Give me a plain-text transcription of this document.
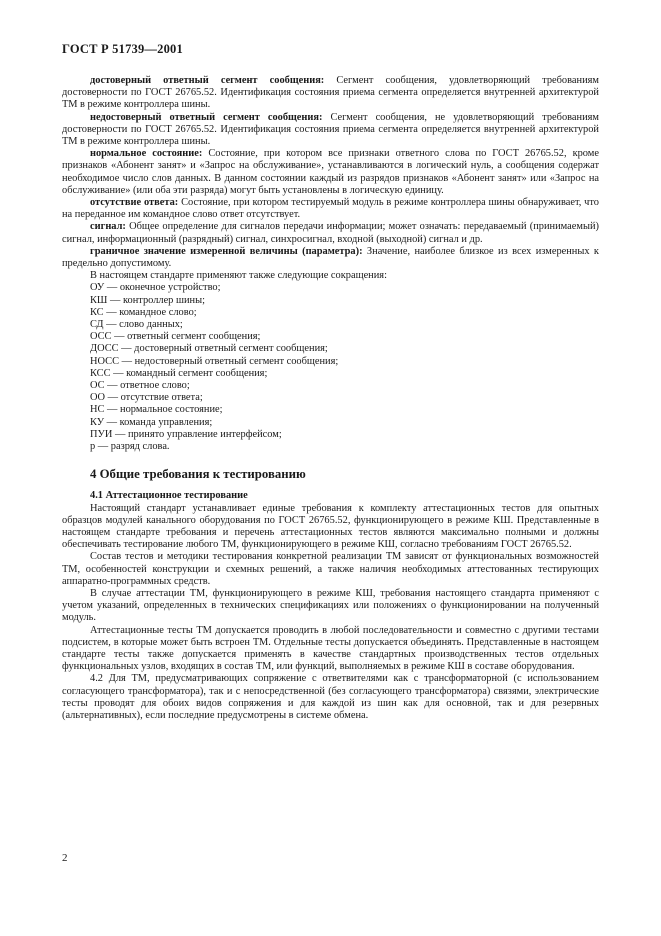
ГОСТ Р 51739—2001

достоверный ответный сегмент сообщения: Сегмент сообщения, удовлетворяющий требованиям достоверности по ГОСТ 26765.52. Идентификация состояния приема сегмента определяется внутренней архитектурой ТМ в режиме контроллера шины.

недостоверный ответный сегмент сообщения: Сегмент сообщения, не удовлетворяющий требованиям достоверности по ГОСТ 26765.52. Идентификация состояния приема сегмента определяется внутренней архитектурой ТМ в режиме контроллера шины.

нормальное состояние: Состояние, при котором все признаки ответного слова по ГОСТ 26765.52, кроме признаков «Абонент занят» и «Запрос на обслуживание», устанавливаются в логический нуль, а сообщения содержат необходимое число слов данных. В данном состоянии каждый из разрядов признаков «Абонент занят» или «Запрос на обслуживание» (или оба эти разряда) могут быть установлены в логическую единицу.

отсутствие ответа: Состояние, при котором тестируемый модуль в режиме контроллера шины обнаруживает, что на переданное им командное слово ответ отсутствует.

сигнал: Общее определение для сигналов передачи информации; может означать: передаваемый (принимаемый) сигнал, информационный (разрядный) сигнал, синхросигнал, входной (выходной) сигнал и др.

граничное значение измеренной величины (параметра): Значение, наиболее близкое из всех измеренных к предельно допустимому.

В настоящем стандарте применяют также следующие сокращения:

ОУ — оконечное устройство;

КШ — контроллер шины;

КС — командное слово;

СД — слово данных;

ОСС — ответный сегмент сообщения;

ДОСС — достоверный ответный сегмент сообщения;

НОСС — недостоверный ответный сегмент сообщения;

КСС — командный сегмент сообщения;

ОС — ответное слово;

ОО — отсутствие ответа;

НС — нормальное состояние;

КУ — команда управления;

ПУИ — принято управление интерфейсом;

р — разряд слова.

4 Общие требования к тестированию
4.1 Аттестационное тестирование

Настоящий стандарт устанавливает единые требования к комплекту аттестационных тестов для опытных образцов модулей канального оборудования по ГОСТ 26765.52, функционирующего в режиме КШ. Представленные в настоящем стандарте требования и перечень аттестационных тестов являются максимально полными и должны обеспечивать тестирование любого ТМ, функционирующего в режиме КШ, согласно требованиям ГОСТ 26765.52.

Состав тестов и методики тестирования конкретной реализации ТМ зависят от функциональных возможностей ТМ, особенностей конструкции и схемных решений, а также наличия необходимых аттестованных тестирующих аппаратно-программных средств.

В случае аттестации ТМ, функционирующего в режиме КШ, требования настоящего стандарта применяют с учетом указаний, определенных в технических спецификациях или положениях о функционировании на полученный модуль.

Аттестационные тесты ТМ допускается проводить в любой последовательности и совместно с другими тестами подсистем, в которые может быть встроен ТМ. Отдельные тесты допускается объединять. Представленные в настоящем стандарте тесты также допускается применять в качестве стандартных производственных тестов отдельных функциональных узлов, входящих в состав ТМ, или функций, выполняемых в режиме КШ в составе оборудования.

4.2 Для ТМ, предусматривающих сопряжение с ответвителями как с трансформаторной (с использованием согласующего трансформатора), так и с непосредственной (без согласующего трансформатора) связями, электрические тесты проводят для обоих видов сопряжения и для каждой из шин как для основной, так и для резервных (альтернативных), если последние предусмотрены в системе обмена.

2
